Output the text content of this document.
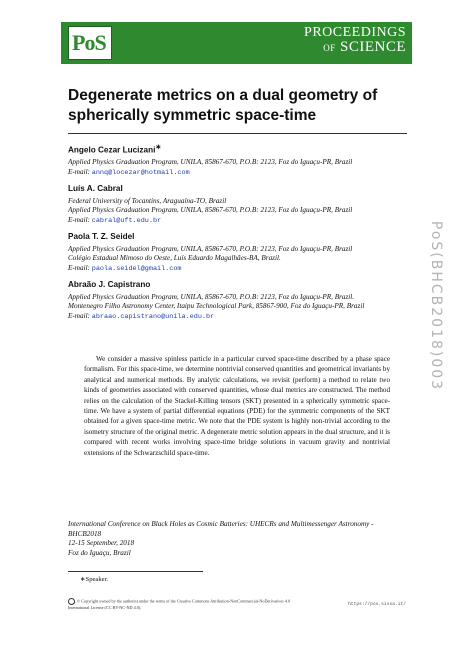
PoS	PROCEEDINGS
OF SCIENCE
Degenerate metrics on a dual geometry of spherically symmetric space-time
Angelo Cezar Lucizani∗
Applied Physics Graduation Program, UNILA, 85867-670, P.O.B: 2123, Foz do Iguaçu-PR, Brazil
E-mail: annq@locezar@hotmail.com
Luís A. Cabral
Federal University of Tocantins, Araguaína-TO, Brazil
Applied Physics Graduation Program, UNILA, 85867-670, P.O.B: 2123, Foz do Iguaçu-PR, Brazil
E-mail: cabral@uft.edu.br
Paola T. Z. Seidel
Applied Physics Graduation Program, UNILA, 85867-670, P.O.B: 2123, Foz do Iguaçu-PR, Brazil
Colégio Estadual Mimoso do Oeste, Luís Eduardo Magalhães-BA, Brazil.
E-mail: paola.seidel@gmail.com
Abraão J. Capistrano
Applied Physics Graduation Program, UNILA, 85867-670, P.O.B: 2123, Foz do Iguaçu-PR, Brazil.
Montenegro Filho Astronomy Center, Itaipu Technological Park, 85867-900, Foz do Iguaçu-PR, Brazil
E-mail: abraao.capistrano@unila.edu.br
We consider a massive spinless particle in a particular curved space-time described by a phase space formalism. For this space-time, we determine nontrivial conserved quantities and geometrical invariants by analytical and numerical methods. By analytic calculations, we revisit (perform) a method to relate two kinds of geometries associated with conserved quantities, whose dual metrics are constructed. The method relies on the calculation of the Stackel-Killing tensors (SKT) presented in a spherically symmetric space-time. We have a system of partial differential equations (PDE) for the symmetric components of the SKT obtained for a given space-time metric. We note that the PDE system is highly non-trivial according to the isometry structure of the original metric. A degenerate metric solution appears in the dual structure, and it is compared with recent works involving space-time bridge solutions in vacuum gravity and nontrivial extensions of the Schwarzschild space-time.
International Conference on Black Holes as Cosmic Batteries: UHECRs and Multimessenger Astronomy - BHCB2018
12-15 September, 2018
Foz do Iguaçu, Brazil
∗Speaker.
© Copyright owned by the author(s) under the terms of the Creative Commons Attribution-NonCommercial-NoDerivatives 4.0 International License (CC BY-NC-ND 4.0).
https://pos.sissa.it/
PoS(BHCB2018)003
